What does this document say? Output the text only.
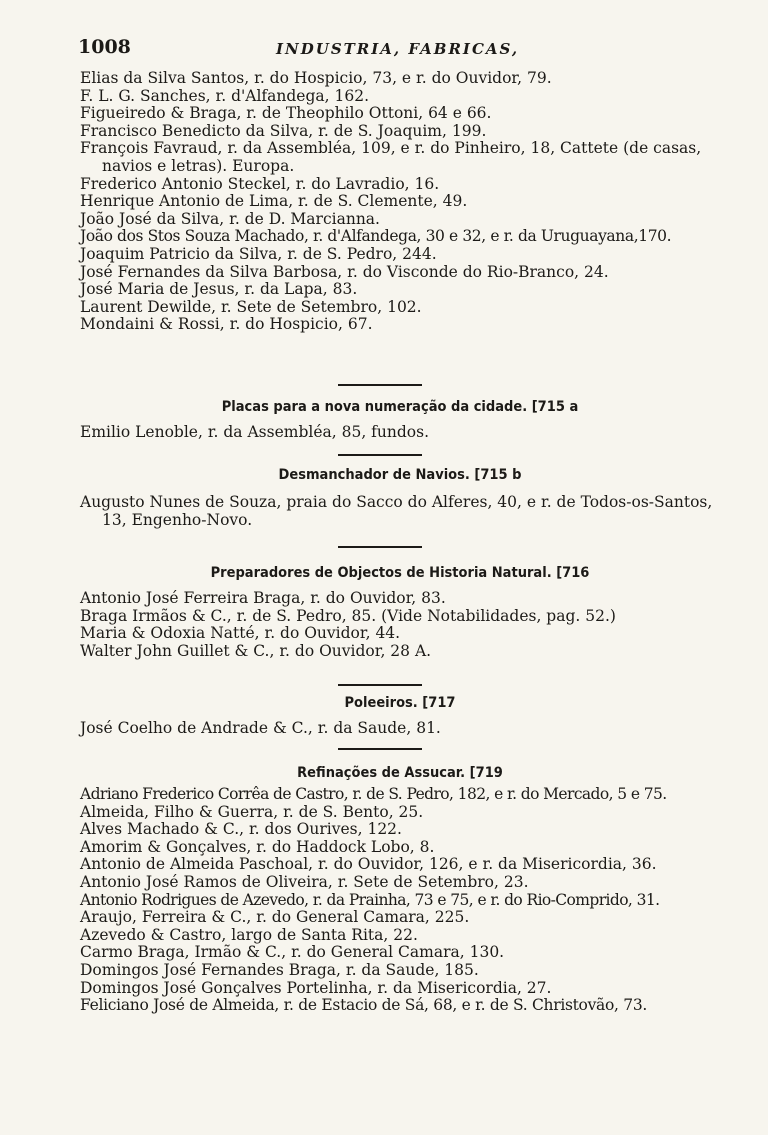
1008	INDUSTRIA, FABRICAS,
Elias da Silva Santos, r. do Hospicio, 73, e r. do Ouvidor, 79.
F. L. G. Sanches, r. d'Alfandega, 162.
Figueiredo & Braga, r. de Theophilo Ottoni, 64 e 66.
Francisco Benedicto da Silva, r. de S. Joaquim, 199.
François Favraud, r. da Assembléa, 109, e r. do Pinheiro, 18, Cattete (de casas, navios e letras). Europa.
Frederico Antonio Steckel, r. do Lavradio, 16.
Henrique Antonio de Lima, r. de S. Clemente, 49.
João José da Silva, r. de D. Marcianna.
João dos Stos Souza Machado, r. d'Alfandega, 30 e 32, e r. da Uruguayana,170.
Joaquim Patricio da Silva, r. de S. Pedro, 244.
José Fernandes da Silva Barbosa, r. do Visconde do Rio-Branco, 24.
José Maria de Jesus, r. da Lapa, 83.
Laurent Dewilde, r. Sete de Setembro, 102.
Mondaini & Rossi, r. do Hospicio, 67.
Placas para a nova numeração da cidade. [715 a
Emilio Lenoble, r. da Assembléa, 85, fundos.
Desmanchador de Navios. [715 b
Augusto Nunes de Souza, praia do Sacco do Alferes, 40, e r. de Todos-os-Santos, 13, Engenho-Novo.
Preparadores de Objectos de Historia Natural. [716
Antonio José Ferreira Braga, r. do Ouvidor, 83.
Braga Irmãos & C., r. de S. Pedro, 85. (Vide Notabilidades, pag. 52.)
Maria & Odoxia Natté, r. do Ouvidor, 44.
Walter John Guillet & C., r. do Ouvidor, 28 A.
Poleeiros. [717
José Coelho de Andrade & C., r. da Saude, 81.
Refinações de Assucar. [719
Adriano Frederico Corrêa de Castro, r. de S. Pedro, 182, e r. do Mercado, 5 e 75.
Almeida, Filho & Guerra, r. de S. Bento, 25.
Alves Machado & C., r. dos Ourives, 122.
Amorim & Gonçalves, r. do Haddock Lobo, 8.
Antonio de Almeida Paschoal, r. do Ouvidor, 126, e r. da Misericordia, 36.
Antonio José Ramos de Oliveira, r. Sete de Setembro, 23.
Antonio Rodrigues de Azevedo, r. da Prainha, 73 e 75, e r. do Rio-Comprido, 31.
Araujo, Ferreira & C., r. do General Camara, 225.
Azevedo & Castro, largo de Santa Rita, 22.
Carmo Braga, Irmão & C., r. do General Camara, 130.
Domingos José Fernandes Braga, r. da Saude, 185.
Domingos José Gonçalves Portelinha, r. da Misericordia, 27.
Feliciano José de Almeida, r. de Estacio de Sá, 68, e r. de S. Christovão, 73.
